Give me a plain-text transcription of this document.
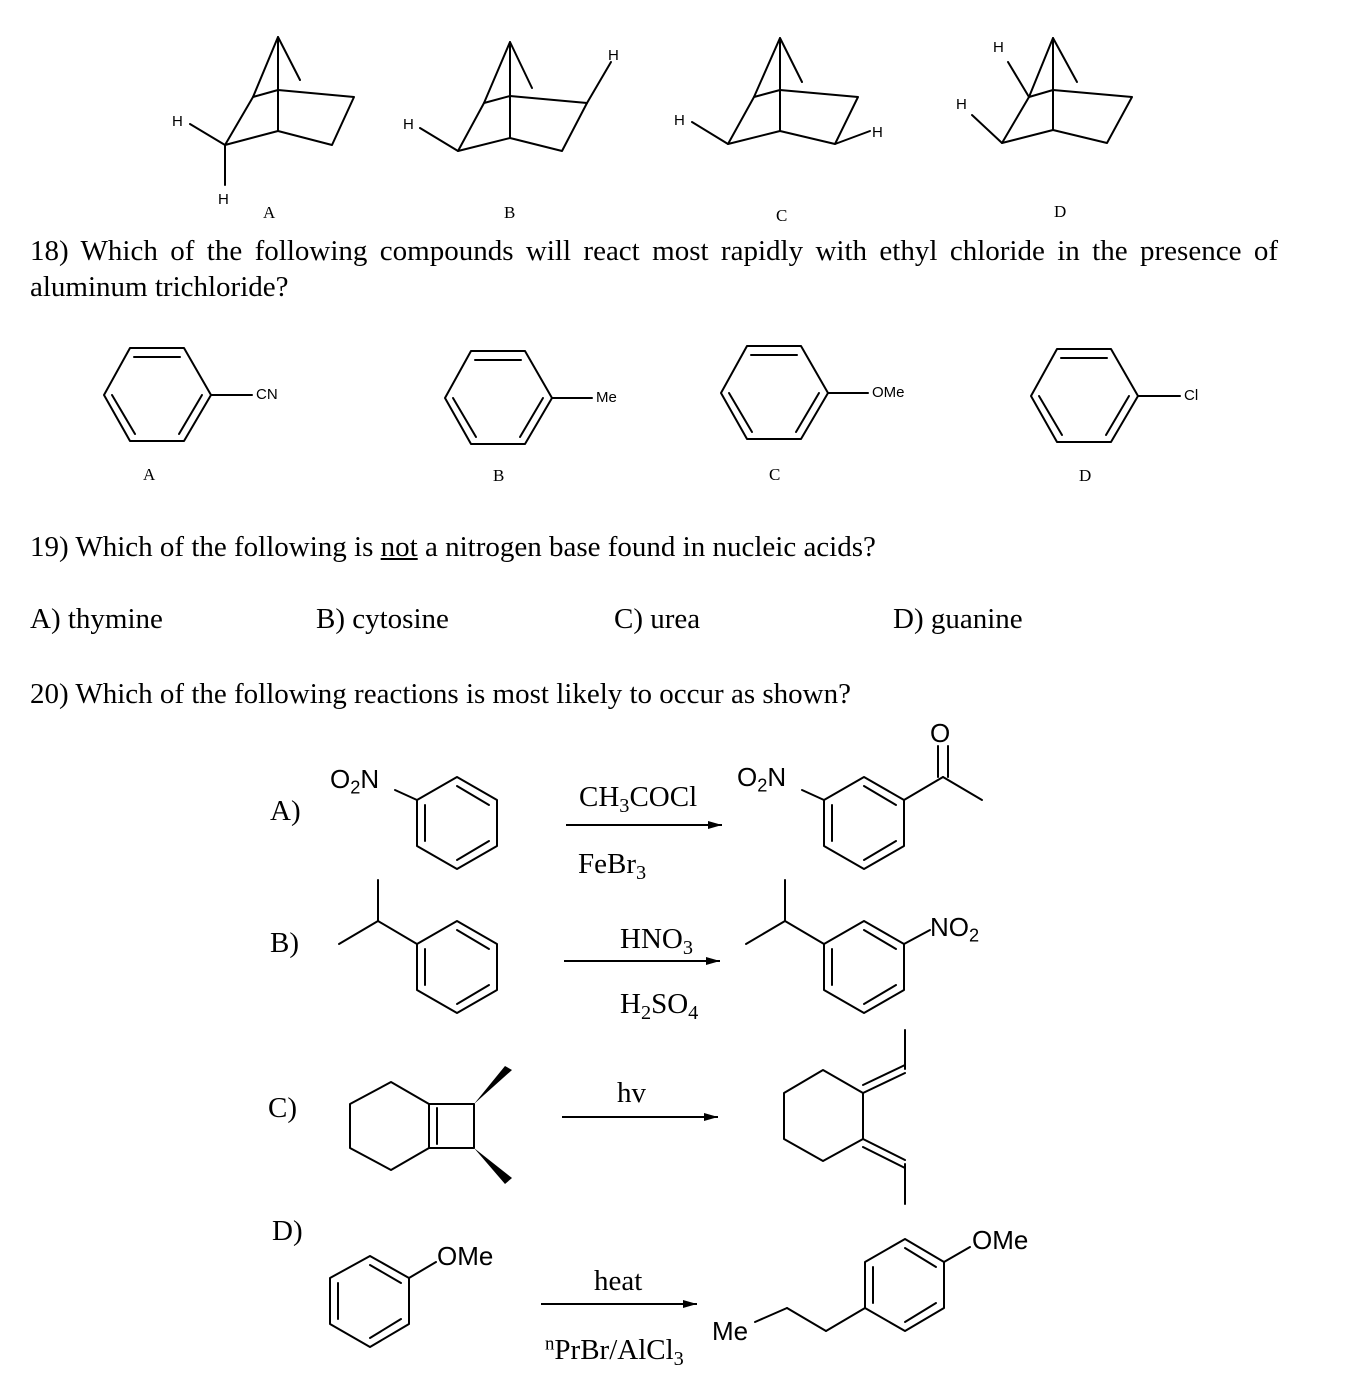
H
H
H
H
H
H
H
H
A	B	C	D
18) Which of the following compounds will react most rapidly with ethyl chloride in the presence of aluminum trichloride?
CN	Me	OMe	Cl
A	B	C	D
19) Which of the following is not a nitrogen base found in nucleic acids?
A) thymine	B) cytosine	C) urea	D) guanine
20) Which of the following reactions is most likely to occur as shown?
A)
B)
C)
D)
$O_2N$
$CH_3COCl$
FeBr$_3$
$O_2N$
O
$HNO_3$
$H_2SO_4$
$NO_2$
hv
OMe
heat
$^n$PrBr/AlCl$_3$
OMe
Me
